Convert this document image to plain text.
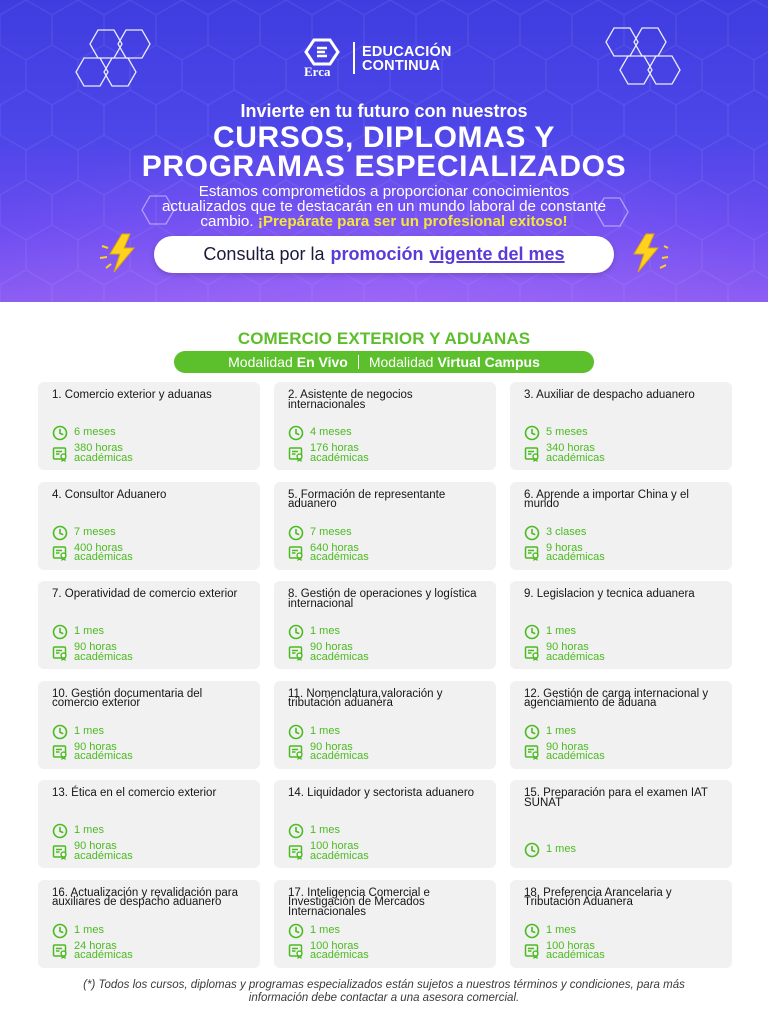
Erca
EDUCACIÓN
CONTINUA
Invierte en tu futuro con nuestros
CURSOS, DIPLOMAS Y
PROGRAMAS ESPECIALIZADOS
Estamos comprometidos a proporcionar conocimientos
actualizados que te destacarán en un mundo laboral de constante
cambio. ¡Prepárate para ser un profesional exitoso!
Consulta por la promoción vigente del mes
COMERCIO EXTERIOR Y ADUANAS
Modalidad En Vivo Modalidad Virtual Campus
1. Comercio exterior y aduanas
6 meses
380 horas académicas
2. Asistente de negocios internacionales
4 meses
176 horas académicas
3. Auxiliar de despacho aduanero
5 meses
340 horas académicas
4. Consultor Aduanero
7 meses
400 horas académicas
5. Formación de representante aduanero
7 meses
640 horas académicas
6. Aprende a importar China y el mundo
3 clases
9 horas académicas
7. Operatividad de comercio exterior
1 mes
90 horas académicas
8. Gestión de operaciones y logística internacional
1 mes
90 horas académicas
9. Legislacion y tecnica aduanera
1 mes
90 horas académicas
10. Gestión documentaria del comercio exterior
1 mes
90 horas académicas
11. Nomenclatura,valoración y tributación aduanera
1 mes
90 horas académicas
12. Gestión de carga internacional y agenciamiento de aduana
1 mes
90 horas académicas
13. Ética en el comercio exterior
1 mes
90 horas académicas
14. Liquidador y sectorista aduanero
1 mes
100 horas académicas
15. Preparación para el examen IAT SUNAT
1 mes
16. Actualización y revalidación para auxiliares de despacho aduanero
1 mes
24 horas académicas
17. Inteligencia Comercial e Investigación de Mercados Internacionales
1 mes
100 horas académicas
18. Preferencia Arancelaria y Tributación Aduanera
1 mes
100 horas académicas
(*) Todos los cursos, diplomas y programas especializados están sujetos a nuestros términos y condiciones, para más información debe contactar a una asesora comercial.
